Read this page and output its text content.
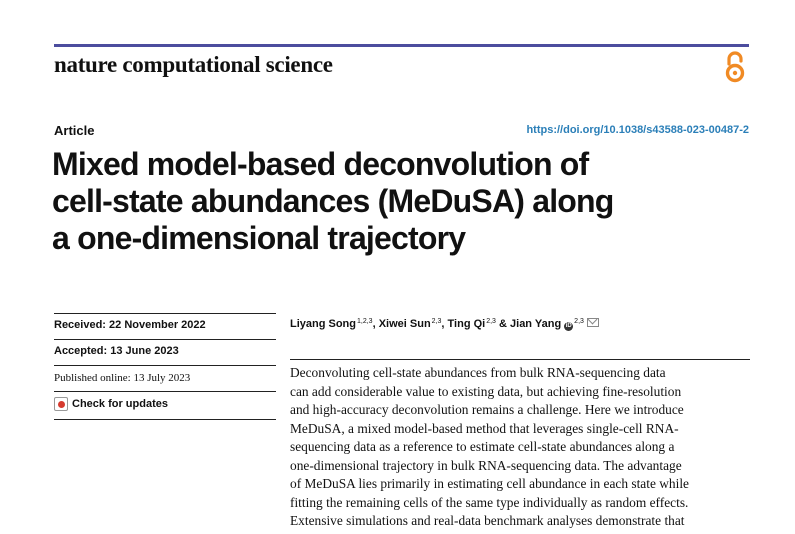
nature computational science
Article	https://doi.org/10.1038/s43588-023-00487-2
Mixed model-based deconvolution of
cell-state abundances (MeDuSA) along
a one-dimensional trajectory
Received: 22 November 2022
Accepted: 13 June 2023
Published online: 13 July 2023
Check for updates
Liyang Song$^{1,2,3}$, Xiwei Sun$^{2,3}$, Ting Qi$^{2,3}$ & Jian Yang iD$^{2,3}$
Deconvoluting cell-state abundances from bulk RNA-sequencing data
can add considerable value to existing data, but achieving fine-resolution
and high-accuracy deconvolution remains a challenge. Here we introduce
MeDuSA, a mixed model-based method that leverages single-cell RNA-
sequencing data as a reference to estimate cell-state abundances along a
one-dimensional trajectory in bulk RNA-sequencing data. The advantage
of MeDuSA lies primarily in estimating cell abundance in each state while
fitting the remaining cells of the same type individually as random effects.
Extensive simulations and real-data benchmark analyses demonstrate that
